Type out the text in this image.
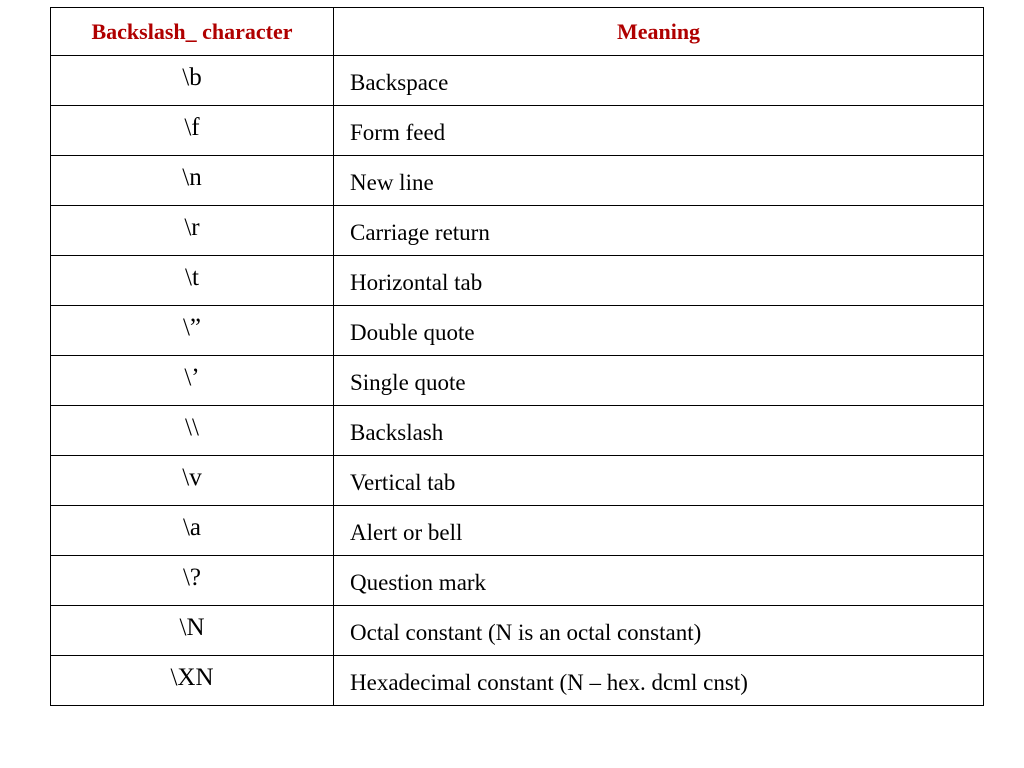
Backslash_ character	Meaning
\b	Backspace
\f	Form feed
\n	New line
\r	Carriage return
\t	Horizontal tab
\”	Double quote
\’	Single quote
\\	Backslash
\v	Vertical tab
\a	Alert or bell
\?	Question mark
\N	Octal constant (N is an octal constant)
\XN	Hexadecimal constant (N – hex. dcml cnst)
